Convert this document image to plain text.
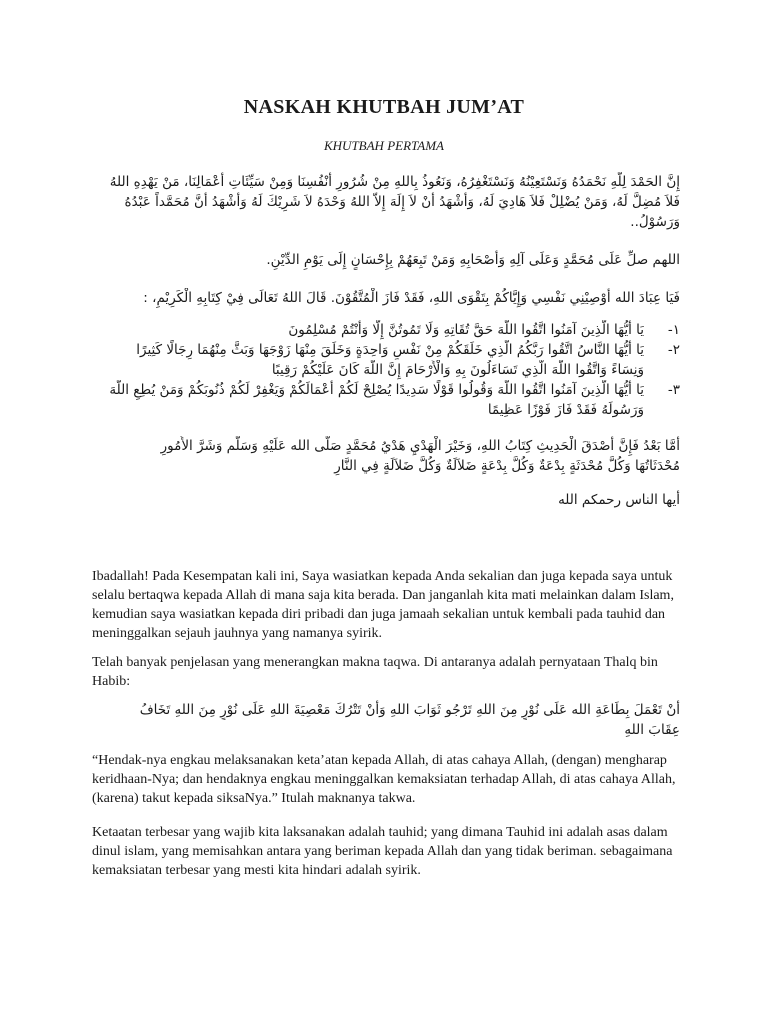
NASKAH KHUTBAH JUM’AT
KHUTBAH PERTAMA
إِنَّ الحَمْدَ لِلَّهِ نَحْمَدُهُ وَنَسْتَعِيْنُهُ وَنَسْتَغْفِرُهُ، وَنَعُوذُ بِاللهِ مِنْ شُرُورِ أَنْفُسِنَا وَمِنْ سَيِّئَاتِ أَعْمَالِنَا، مَنْ يَهْدِهِ اللهُ
فَلاَ مُضِلَّ لَهُ، وَمَنْ يُضْلِلْ فَلاَ هَادِيَ لَهُ، وَأَشْهَدُ أَنْ لاَ إِلَهَ إِلاَّ اللهُ وَحْدَهُ لاَ شَرِيْكَ لَهُ وَأَشْهَدُ أَنَّ مُحَمَّداً عَبْدُهُ
وَرَسُوْلُ..
اللهم صلِّ عَلَى مُحَمَّدٍ وَعَلَى آلِهِ وَأَصْحَابِهِ وَمَنْ تَبِعَهُمْ بِإِحْسَانٍ إِلَى يَوْمِ الدِّيْنِ.
فَيَا عِبَادَ الله أُوْصِيْنِي نَفْسِي وَإِيَّاكُمْ بِتَقْوَى اللهِ، فَقَدْ فَازَ الْمُتَّقُوْنَ. قَالَ اللهُ تَعَالَى فِيْ كِتَابِهِ الْكَرِيْمِ، :
١-
يَا أَيُّهَا الَّذِينَ آمَنُوا اتَّقُوا اللَّهَ حَقَّ تُقَاتِهِ وَلَا تَمُوتُنَّ إِلَّا وَأَنْتُمْ مُسْلِمُونَ
٢-
يَا أَيُّهَا النَّاسُ اتَّقُوا رَبَّكُمُ الَّذِي خَلَقَكُمْ مِنْ نَفْسٍ وَاحِدَةٍ وَخَلَقَ مِنْهَا زَوْجَهَا وَبَثَّ مِنْهُمَا رِجَالًا كَثِيرًا
وَنِسَاءً وَاتَّقُوا اللَّهَ الَّذِي تَسَاءَلُونَ بِهِ وَالْأَرْحَامَ إِنَّ اللَّهَ كَانَ عَلَيْكُمْ رَقِيبًا
٣-
يَا أَيُّهَا الَّذِينَ آمَنُوا اتَّقُوا اللَّهَ وَقُولُوا قَوْلًا سَدِيدًا يُصْلِحْ لَكُمْ أَعْمَالَكُمْ وَيَغْفِرْ لَكُمْ ذُنُوبَكُمْ وَمَنْ يُطِعِ اللَّهَ
وَرَسُولَهُ فَقَدْ فَازَ فَوْزًا عَظِيمًا
أَمَّا بَعْدُ فَإِنَّ أَصْدَقَ الْحَدِيثِ كِتَابُ اللهِ، وَخَيْرَ الْهَدْيِ هَدْيُ مُحَمَّدٍ صَلَّى الله عَلَيْهِ وَسَلَّم وَشَرَّ الأُمُورِ
مُحْدَثَاتُهَا وَكُلَّ مُحْدَثَةٍ بِدْعَةٌ وَكُلَّ بِدْعَةٍ ضَلاَلَةٌ وَكُلَّ ضَلاَلَةٍ فِي النَّارِ
أيها الناس رحمكم الله
Ibadallah! Pada Kesempatan kali ini, Saya wasiatkan kepada Anda sekalian dan juga kepada saya untuk selalu bertaqwa kepada Allah di mana saja kita berada. Dan janganlah kita mati melainkan dalam Islam, kemudian saya wasiatkan kepada diri pribadi dan juga jamaah sekalian untuk kembali pada tauhid dan meninggalkan sejauh jauhnya yang namanya syirik.
Telah banyak penjelasan yang menerangkan makna taqwa. Di antaranya adalah pernyataan Thalq bin Habib:
أَنْ تَعْمَلَ بِطَاعَةِ الله عَلَى نُوْرٍ مِنَ اللهِ تَرْجُو ثَوَابَ اللهِ وَأَنْ تَتْرُكَ مَعْصِيَةَ اللهِ عَلَى نُوْرٍ مِنَ اللهِ تَخَافُ
عِقَابَ اللهِ
“Hendak-nya engkau melaksanakan keta’atan kepada Allah, di atas cahaya Allah, (dengan) mengharap keridhaan-Nya; dan hendaknya engkau meninggalkan kemaksiatan terhadap Allah, di atas cahaya Allah, (karena) takut kepada siksaNya.” Itulah maknanya takwa.
Ketaatan terbesar yang wajib kita laksanakan adalah tauhid; yang dimana Tauhid ini adalah asas dalam dinul islam, yang memisahkan antara yang beriman kepada Allah dan yang tidak beriman. sebagaimana kemaksiatan terbesar yang mesti kita hindari adalah syirik.
